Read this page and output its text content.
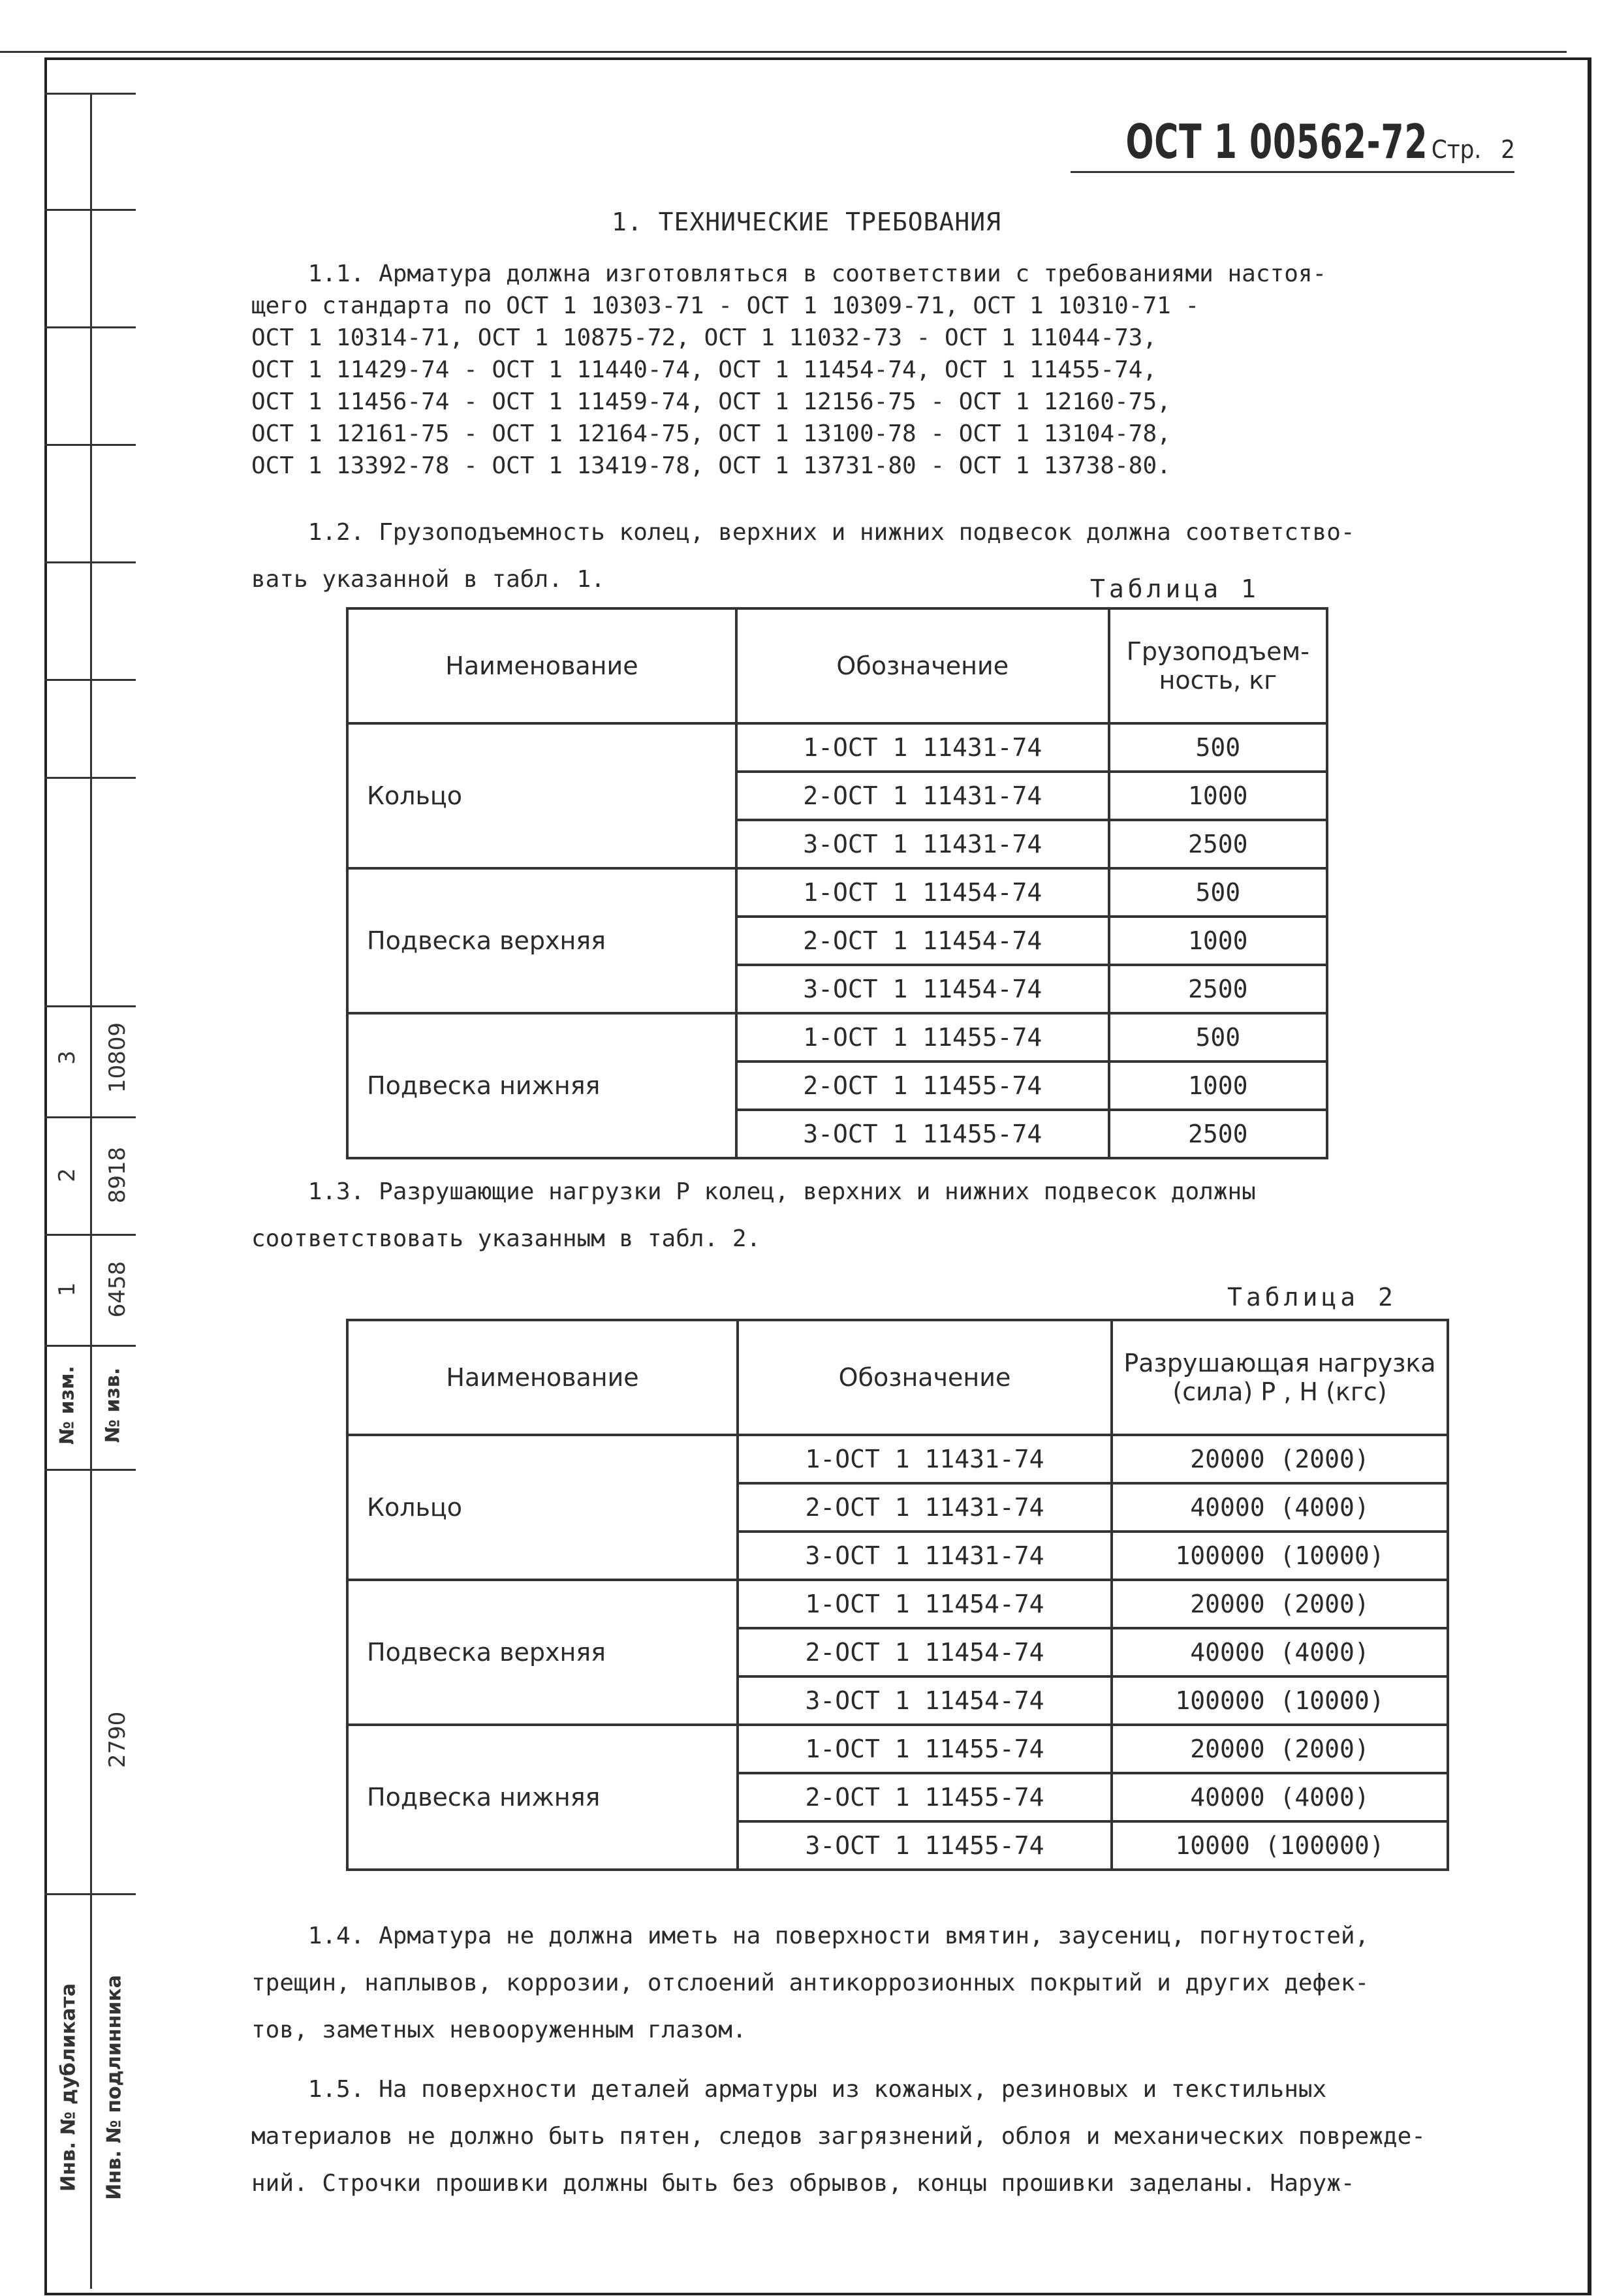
3 10809
2 8918
1 6458
№ изм. № изв.
2790
Инв. № дубликата Инв. № подлинника
ОСТ 1 00562-72 Стр. 2
1. ТЕХНИЧЕСКИЕ ТРЕБОВАНИЯ
1.1. Арматура должна изготовляться в соответствии с требованиями настоя-
щего стандарта по ОСТ 1 10303-71 - ОСТ 1 10309-71, ОСТ 1 10310-71 -
ОСТ 1 10314-71, ОСТ 1 10875-72, ОСТ 1 11032-73 - ОСТ 1 11044-73,
ОСТ 1 11429-74 - ОСТ 1 11440-74, ОСТ 1 11454-74, ОСТ 1 11455-74,
ОСТ 1 11456-74 - ОСТ 1 11459-74, ОСТ 1 12156-75 - ОСТ 1 12160-75,
ОСТ 1 12161-75 - ОСТ 1 12164-75, ОСТ 1 13100-78 - ОСТ 1 13104-78,
ОСТ 1 13392-78 - ОСТ 1 13419-78, ОСТ 1 13731-80 - ОСТ 1 13738-80.
1.2. Грузоподъемность колец, верхних и нижних подвесок должна соответство-
вать указанной в табл. 1.	Таблица 1
Наименование	Обозначение	Грузоподъем-
ность, кг
Кольцо	1-ОСТ 1 11431-74	500
	2-ОСТ 1 11431-74	1000
	3-ОСТ 1 11431-74	2500
Подвеска верхняя	1-ОСТ 1 11454-74	500
	2-ОСТ 1 11454-74	1000
	3-ОСТ 1 11454-74	2500
Подвеска нижняя	1-ОСТ 1 11455-74	500
	2-ОСТ 1 11455-74	1000
	3-ОСТ 1 11455-74	2500
1.3. Разрушающие нагрузки Р колец, верхних и нижних подвесок должны
соответствовать указанным в табл. 2.
Таблица 2
Наименование	Обозначение	Разрушающая нагрузка
(сила) P , Н (кгс)
Кольцо	1-ОСТ 1 11431-74	20000 (2000)
	2-ОСТ 1 11431-74	40000 (4000)
	3-ОСТ 1 11431-74	100000 (10000)
Подвеска верхняя	1-ОСТ 1 11454-74	20000 (2000)
	2-ОСТ 1 11454-74	40000 (4000)
	3-ОСТ 1 11454-74	100000 (10000)
Подвеска нижняя	1-ОСТ 1 11455-74	20000 (2000)
	2-ОСТ 1 11455-74	40000 (4000)
	3-ОСТ 1 11455-74	10000 (100000)
1.4. Арматура не должна иметь на поверхности вмятин, заусениц, погнутостей,
трещин, наплывов, коррозии, отслоений антикоррозионных покрытий и других дефек-
тов, заметных невооруженным глазом.
1.5. На поверхности деталей арматуры из кожаных, резиновых и текстильных
материалов не должно быть пятен, следов загрязнений, облоя и механических поврежде-
ний. Строчки прошивки должны быть без обрывов, концы прошивки заделаны. Наруж-
